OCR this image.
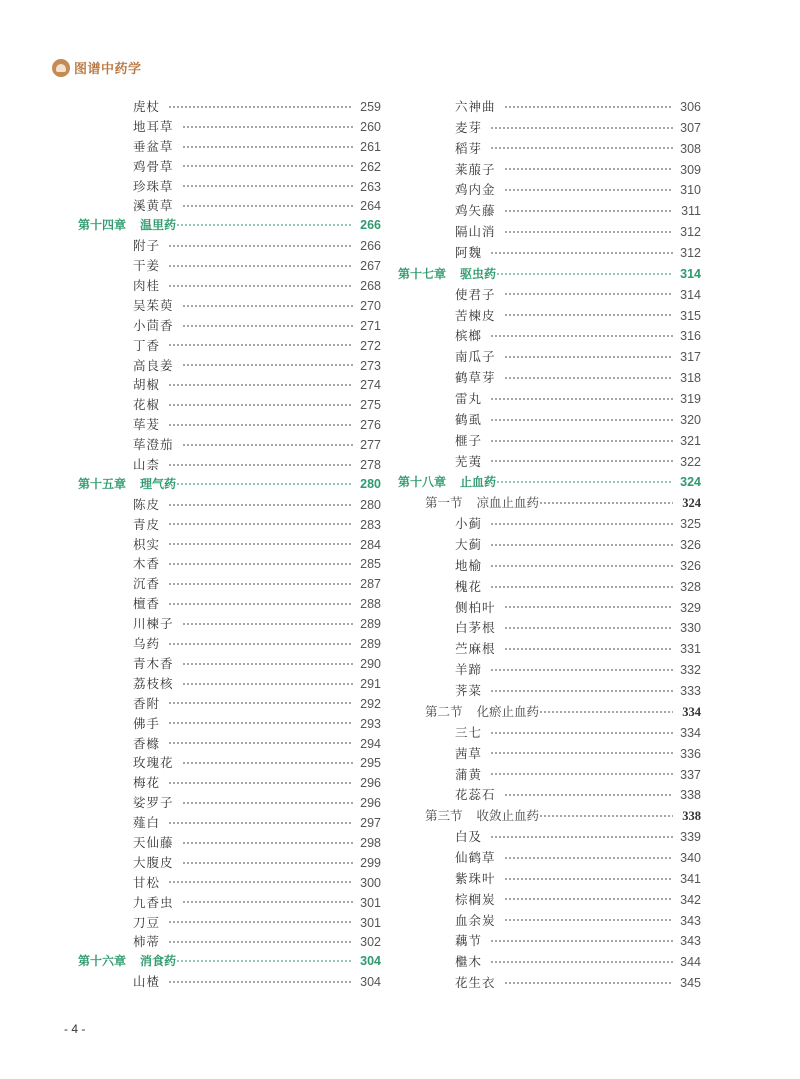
图谱中药学
虎杖	259
地耳草	260
垂盆草	261
鸡骨草	262
珍珠草	263
溪黄草	264
第十四章 温里药	266
附子	266
干姜	267
肉桂	268
吴茱萸	270
小茴香	271
丁香	272
高良姜	273
胡椒	274
花椒	275
荜茇	276
荜澄茄	277
山柰	278
第十五章 理气药	280
陈皮	280
青皮	283
枳实	284
木香	285
沉香	287
檀香	288
川楝子	289
乌药	289
青木香	290
荔枝核	291
香附	292
佛手	293
香橼	294
玫瑰花	295
梅花	296
娑罗子	296
薤白	297
天仙藤	298
大腹皮	299
甘松	300
九香虫	301
刀豆	301
柿蒂	302
第十六章 消食药	304
山楂	304
六神曲	306
麦芽	307
稻芽	308
莱菔子	309
鸡内金	310
鸡矢藤	311
隔山消	312
阿魏	312
第十七章 驱虫药	314
使君子	314
苦楝皮	315
槟榔	316
南瓜子	317
鹤草芽	318
雷丸	319
鹤虱	320
榧子	321
芜荑	322
第十八章 止血药	324
第一节 凉血止血药	324
小蓟	325
大蓟	326
地榆	326
槐花	328
侧柏叶	329
白茅根	330
苎麻根	331
羊蹄	332
荠菜	333
第二节 化瘀止血药	334
三七	334
茜草	336
蒲黄	337
花蕊石	338
第三节 收敛止血药	338
白及	339
仙鹤草	340
紫珠叶	341
棕榈炭	342
血余炭	343
藕节	343
檵木	344
花生衣	345
- 4 -
